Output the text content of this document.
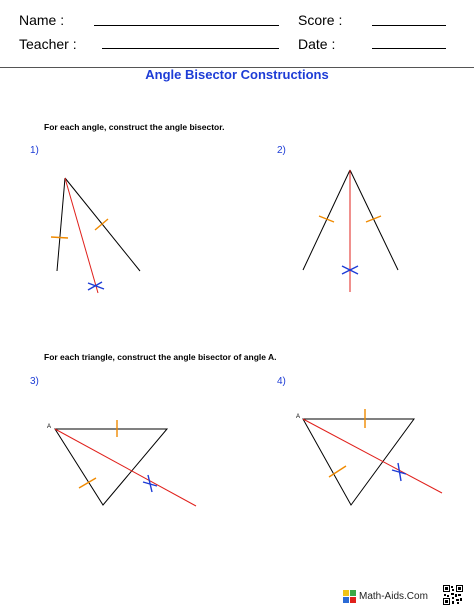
Name :
Teacher :
Score :
Date :
Angle Bisector Constructions
For each angle, construct the angle bisector.
1)	2)
For each triangle, construct the angle bisector of angle A.
3)	4)
A
A
Math-Aids.Com
